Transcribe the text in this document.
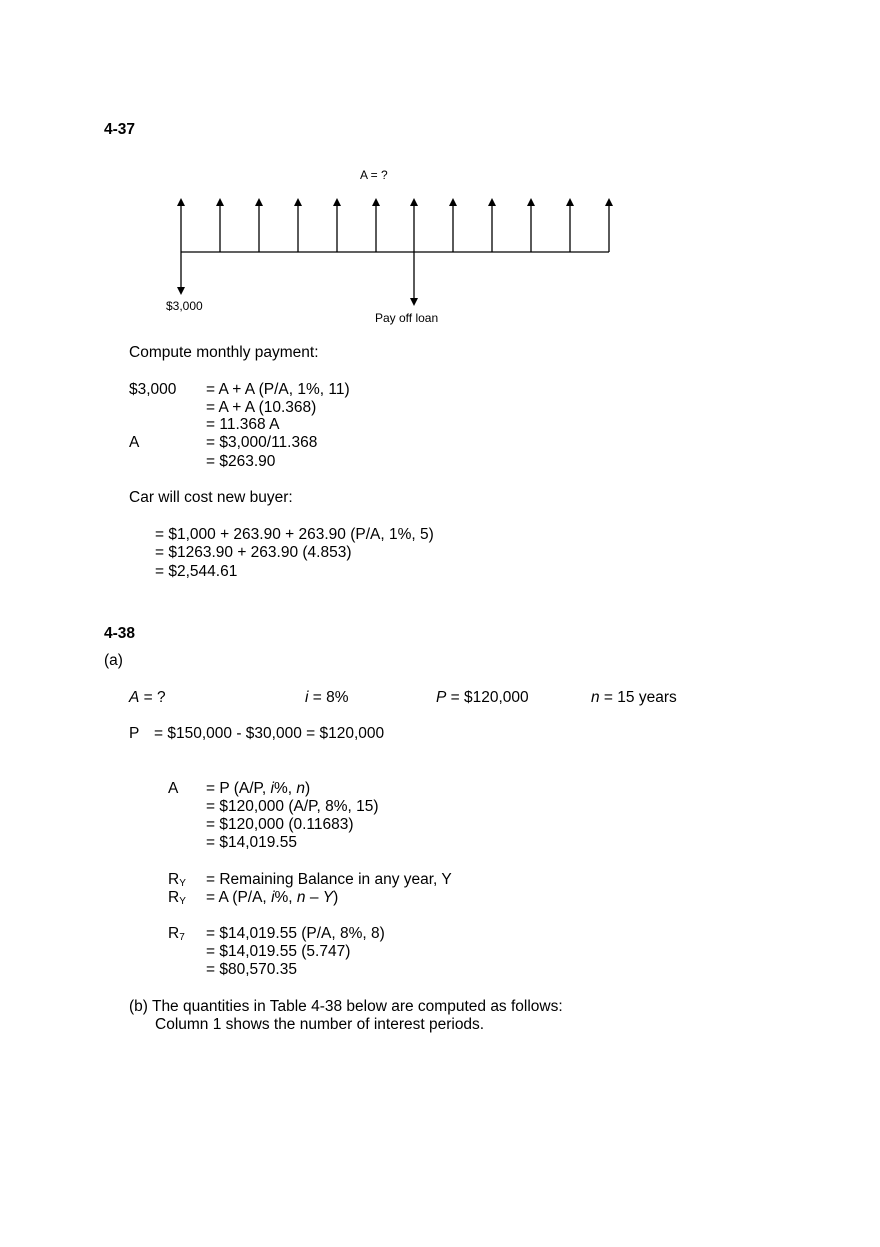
4-37
A = ?
$3,000
Pay off loan
Compute monthly payment:
$3,000 = A + A (P/A, 1%, 11)
= A + A (10.368)
= 11.368 A
A	= $3,000/11.368
= $263.90
Car will cost new buyer:
= $1,000 + 263.90 + 263.90 (P/A, 1%, 5)
= $1263.90 + 263.90 (4.853)
= $2,544.61
4-38
(a)
A = ?	i = 8%	P = $120,000	n = 15 years
P = $150,000 - $30,000 = $120,000
A = P (A/P, i%, n)
= $120,000 (A/P, 8%, 15)
= $120,000 (0.11683)
= $14,019.55
$R_Y$ = Remaining Balance in any year, Y
$R_Y = A$ (P/A, i%, n – Y)
$R_7$ = $14,019.55 (P/A, 8%, 8)
= $14,019.55 (5.747)
= $80,570.35
(b) The quantities in Table 4-38 below are computed as follows:
Column 1 shows the number of interest periods.
